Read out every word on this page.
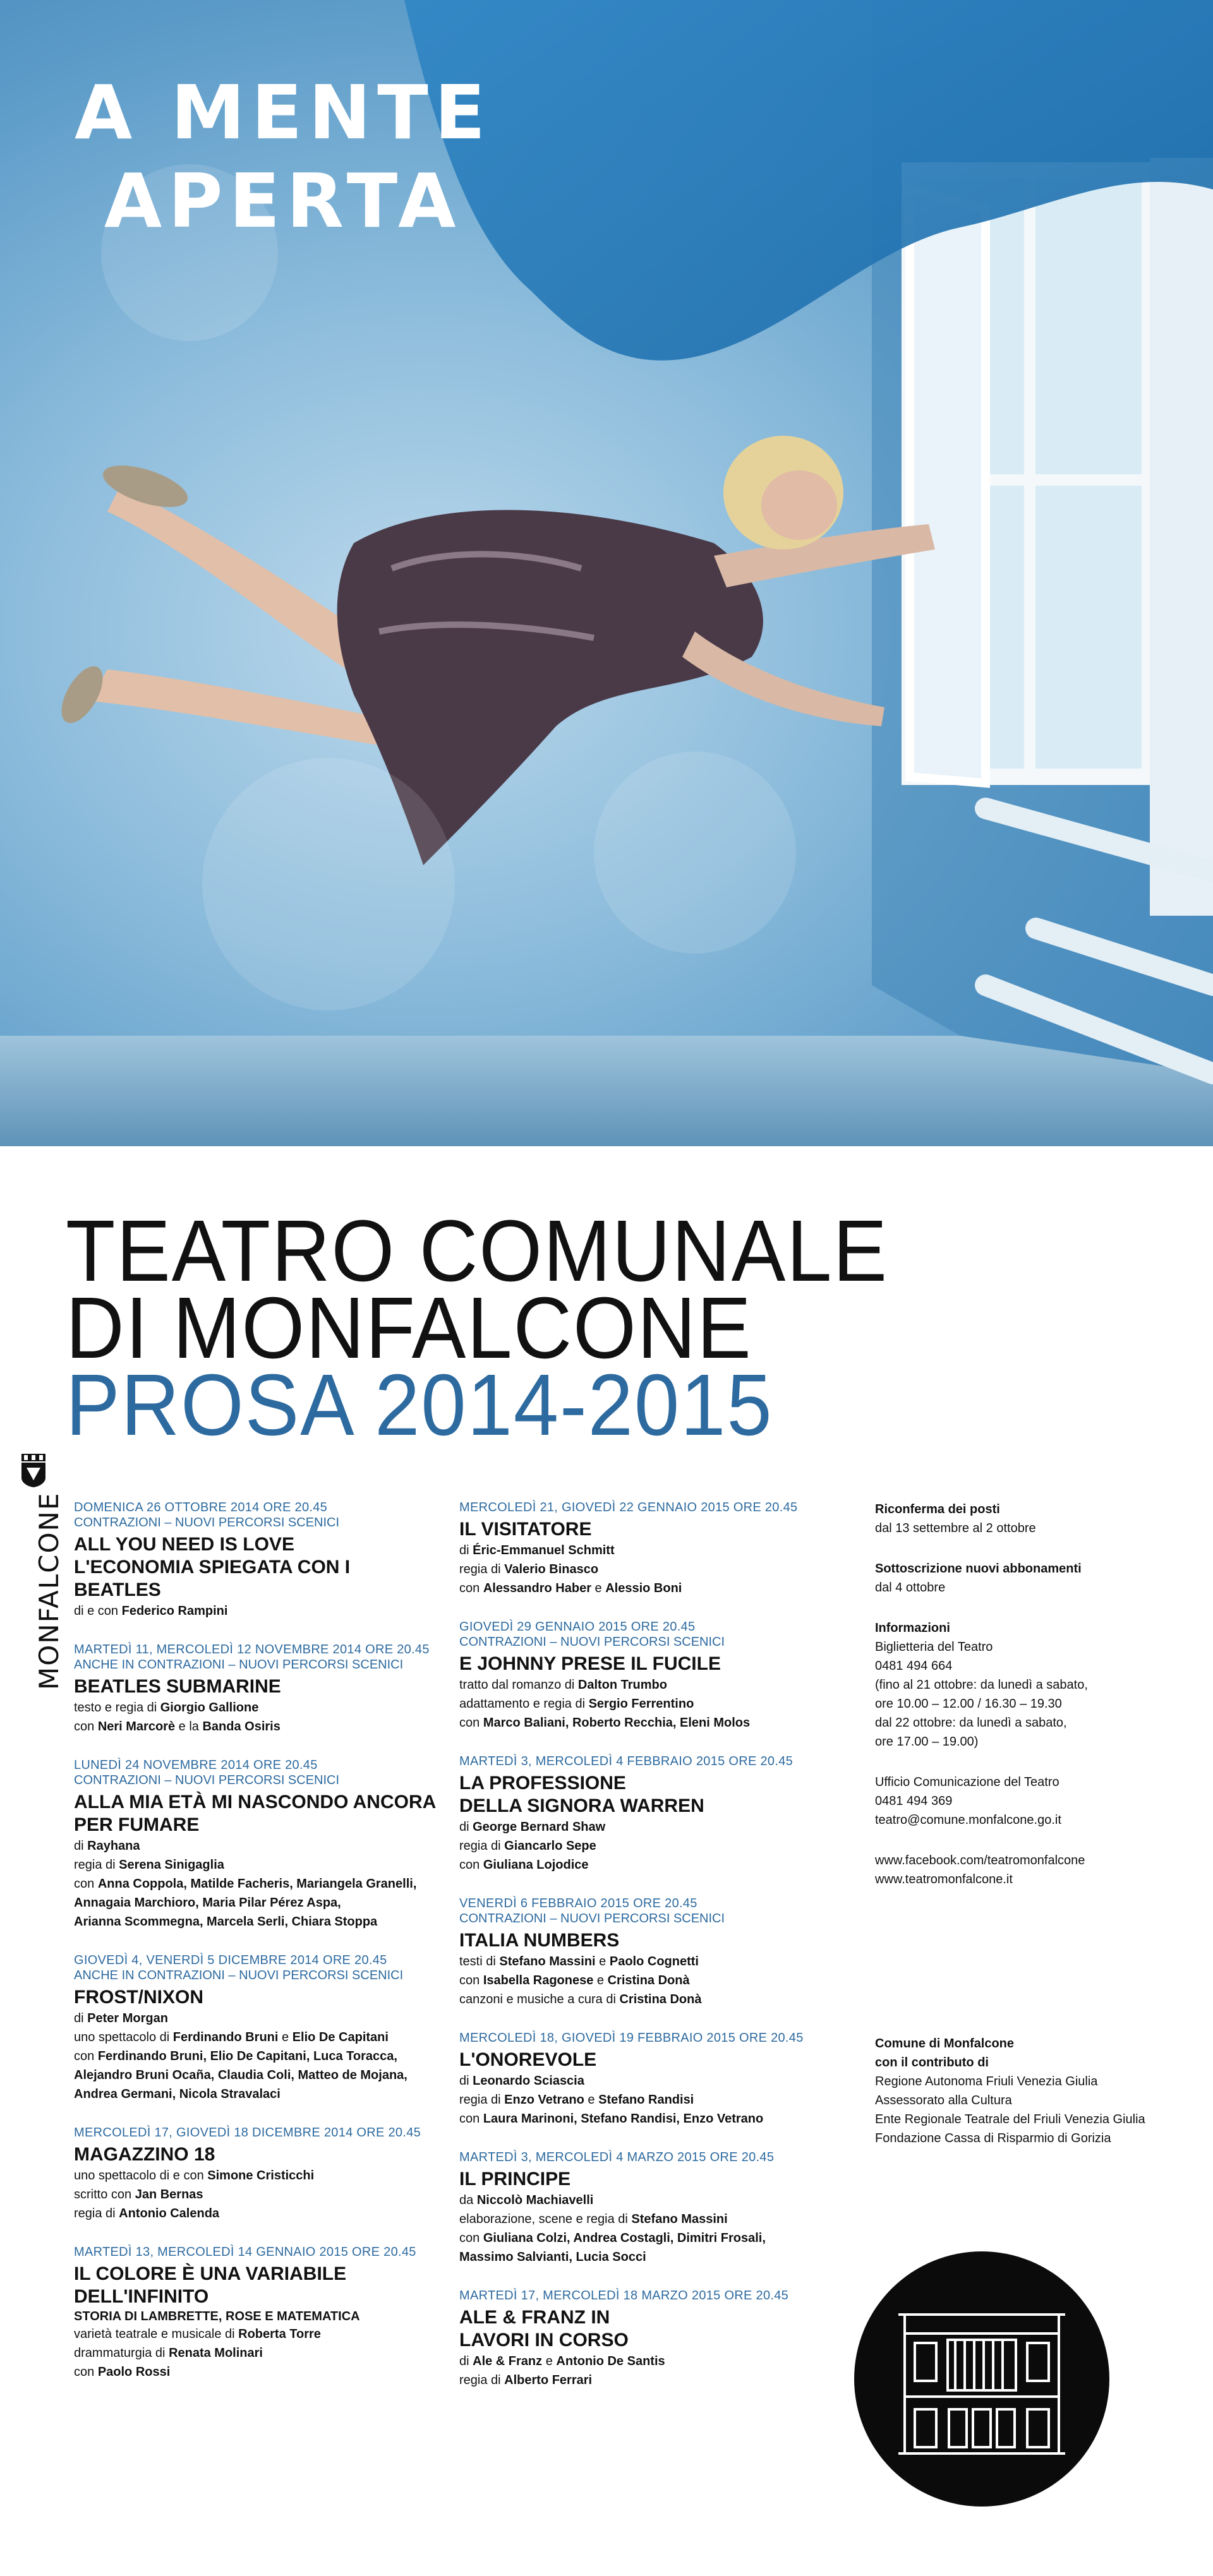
A MENTE
APERTA
TEATRO COMUNALE
DI MONFALCONE
PROSA 2014-2015
MONFALCONE DOMENICA 26 OTTOBRE 2014 ORE 20.45
CONTRAZIONI – NUOVI PERCORSI SCENICI
ALL YOU NEED IS LOVE
L'ECONOMIA SPIEGATA CON I BEATLES
di e con Federico Rampini
MARTEDÌ 11, MERCOLEDÌ 12 NOVEMBRE 2014 ORE 20.45
ANCHE IN CONTRAZIONI – NUOVI PERCORSI SCENICI
BEATLES SUBMARINE
testo e regia di Giorgio Gallione
con Neri Marcorè e la Banda Osiris
LUNEDÌ 24 NOVEMBRE 2014 ORE 20.45
CONTRAZIONI – NUOVI PERCORSI SCENICI
ALLA MIA ETÀ MI NASCONDO ANCORA
PER FUMARE
di Rayhana
regia di Serena Sinigaglia
con Anna Coppola, Matilde Facheris, Mariangela Granelli,
Annagaia Marchioro, Maria Pilar Pérez Aspa,
Arianna Scommegna, Marcela Serli, Chiara Stoppa
GIOVEDÌ 4, VENERDÌ 5 DICEMBRE 2014 ORE 20.45
ANCHE IN CONTRAZIONI – NUOVI PERCORSI SCENICI
FROST/NIXON
di Peter Morgan
uno spettacolo di Ferdinando Bruni e Elio De Capitani
con Ferdinando Bruni, Elio De Capitani, Luca Toracca,
Alejandro Bruni Ocaña, Claudia Coli, Matteo de Mojana,
Andrea Germani, Nicola Stravalaci
MERCOLEDÌ 17, GIOVEDÌ 18 DICEMBRE 2014 ORE 20.45
MAGAZZINO 18
uno spettacolo di e con Simone Cristicchi
scritto con Jan Bernas
regia di Antonio Calenda
MARTEDÌ 13, MERCOLEDÌ 14 GENNAIO 2015 ORE 20.45
IL COLORE È UNA VARIABILE
DELL'INFINITO
STORIA DI LAMBRETTE, ROSE E MATEMATICA
varietà teatrale e musicale di Roberta Torre
drammaturgia di Renata Molinari
con Paolo Rossi
MERCOLEDÌ 21, GIOVEDÌ 22 GENNAIO 2015 ORE 20.45
IL VISITATORE
di Éric-Emmanuel Schmitt
regia di Valerio Binasco
con Alessandro Haber e Alessio Boni
GIOVEDÌ 29 GENNAIO 2015 ORE 20.45
CONTRAZIONI – NUOVI PERCORSI SCENICI
E JOHNNY PRESE IL FUCILE
tratto dal romanzo di Dalton Trumbo
adattamento e regia di Sergio Ferrentino
con Marco Baliani, Roberto Recchia, Eleni Molos
MARTEDÌ 3, MERCOLEDÌ 4 FEBBRAIO 2015 ORE 20.45
LA PROFESSIONE
DELLA SIGNORA WARREN
di George Bernard Shaw
regia di Giancarlo Sepe
con Giuliana Lojodice
VENERDÌ 6 FEBBRAIO 2015 ORE 20.45
CONTRAZIONI – NUOVI PERCORSI SCENICI
ITALIA NUMBERS
testi di Stefano Massini e Paolo Cognetti
con Isabella Ragonese e Cristina Donà
canzoni e musiche a cura di Cristina Donà
MERCOLEDÌ 18, GIOVEDÌ 19 FEBBRAIO 2015 ORE 20.45
L'ONOREVOLE
di Leonardo Sciascia
regia di Enzo Vetrano e Stefano Randisi
con Laura Marinoni, Stefano Randisi, Enzo Vetrano
MARTEDÌ 3, MERCOLEDÌ 4 MARZO 2015 ORE 20.45
IL PRINCIPE
da Niccolò Machiavelli
elaborazione, scene e regia di Stefano Massini
con Giuliana Colzi, Andrea Costagli, Dimitri Frosali,
Massimo Salvianti, Lucia Socci
MARTEDÌ 17, MERCOLEDÌ 18 MARZO 2015 ORE 20.45
ALE & FRANZ IN
LAVORI IN CORSO
di Ale & Franz e Antonio De Santis
regia di Alberto Ferrari
Riconferma dei posti
dal 13 settembre al 2 ottobre
Sottoscrizione nuovi abbonamenti
dal 4 ottobre
Informazioni
Biglietteria del Teatro
0481 494 664
(fino al 21 ottobre: da lunedì a sabato,
ore 10.00 – 12.00 / 16.30 – 19.30
dal 22 ottobre: da lunedì a sabato,
ore 17.00 – 19.00)
Ufficio Comunicazione del Teatro
0481 494 369
teatro@comune.monfalcone.go.it
www.facebook.com/teatromonfalcone
www.teatromonfalcone.it
Comune di Monfalcone
con il contributo di
Regione Autonoma Friuli Venezia Giulia
Assessorato alla Cultura
Ente Regionale Teatrale del Friuli Venezia Giulia
Fondazione Cassa di Risparmio di Gorizia
